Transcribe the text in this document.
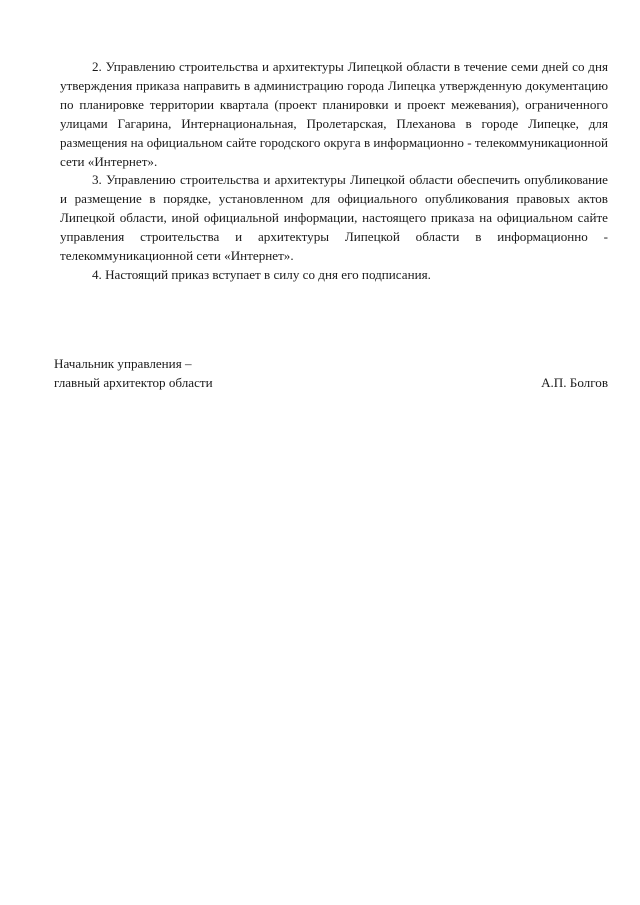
2. Управлению строительства и архитектуры Липецкой области в течение семи дней со дня утверждения приказа направить в администрацию города Липецка утвержденную документацию по планировке территории квартала (проект планировки и проект межевания), ограниченного улицами Гагарина, Интернациональная, Пролетарская, Плеханова в городе Липецке, для размещения на официальном сайте городского округа в информационно - телекоммуникационной сети «Интернет».

3. Управлению строительства и архитектуры Липецкой области обеспечить опубликование и размещение в порядке, установленном для официального опубликования правовых актов Липецкой области, иной официальной информации, настоящего приказа на официальном сайте управления строительства и архитектуры Липецкой области в информационно - телекоммуникационной сети «Интернет».

4. Настоящий приказ вступает в силу со дня его подписания.

Начальник управления –
главный архитектор области	А.П. Болгов
